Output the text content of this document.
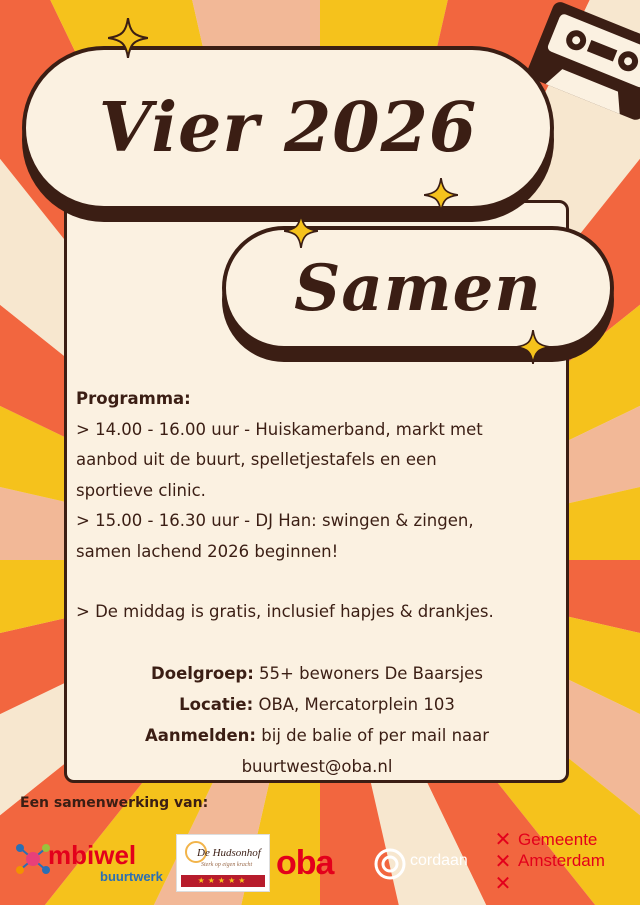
Vier 2026
Samen

Programma:

> 14.00 - 16.00 uur - Huiskamerband, markt met

aanbod uit de buurt, spelletjestafels en een

sportieve clinic.

> 15.00 - 16.30 uur - DJ Han: swingen & zingen,

samen lachend 2026 beginnen!

> De middag is gratis, inclusief hapjes & drankjes.

Doelgroep: 55+ bewoners De Baarsjes

Locatie: OBA, Mercatorplein 103

Aanmelden: bij de balie of per mail naar

buurtwest@oba.nl

Een samenwerking van:
mbiwel
buurtwerk
De Hudsonhof
Sterk op eigen kracht
★★★★★ oba	cordaan
✕
✕
✕
Gemeente
Amsterdam
